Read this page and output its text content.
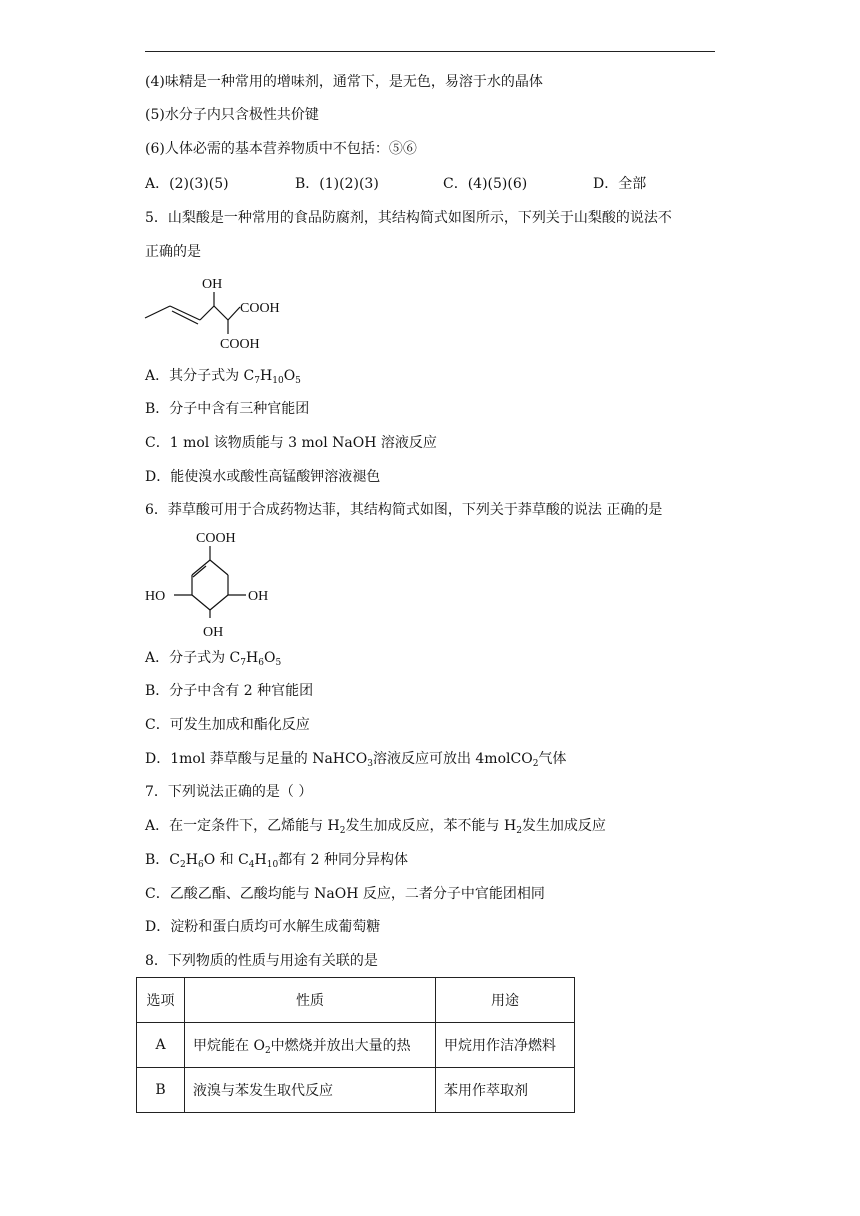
(4)味精是一种常用的增味剂，通常下，是无色，易溶于水的晶体
(5)水分子内只含极性共价键
(6)人体必需的基本营养物质中不包括：⑤⑥
A．(2)(3)(5)	B．(1)(2)(3)	C．(4)(5)(6)	D．全部
5．山梨酸是一种常用的食品防腐剂，其结构简式如图所示，下列关于山梨酸的说法不
正确的是
OH
COOH
COOH
A．其分子式为 $C_7H_{10}O_5$
B．分子中含有三种官能团
C．1 mol 该物质能与 3 mol NaOH 溶液反应
D．能使溴水或酸性高锰酸钾溶液褪色
6．莽草酸可用于合成药物达菲，其结构简式如图，下列关于莽草酸的说法 正确的是
COOH
HO	OH
OH
A．分子式为 $C_7H_6O_5$
B．分子中含有 2 种官能团
C．可发生加成和酯化反应
D．1mol 莽草酸与足量的 NaHCO$_3$溶液反应可放出 4molCO$_2$气体
7．下列说法正确的是（ ）
A．在一定条件下，乙烯能与 $H_2$发生加成反应，苯不能与 $H_2$发生加成反应
B．$C_2H_6O$ 和 $C_4H_{10}$都有 2 种同分异构体
C．乙酸乙酯、乙酸均能与 NaOH 反应，二者分子中官能团相同
D．淀粉和蛋白质均可水解生成葡萄糖
8．下列物质的性质与用途有关联的是
选项	性质	用途
A	甲烷能在 $O_2$中燃烧并放出大量的热	甲烷用作洁净燃料
B	液溴与苯发生取代反应	苯用作萃取剂
